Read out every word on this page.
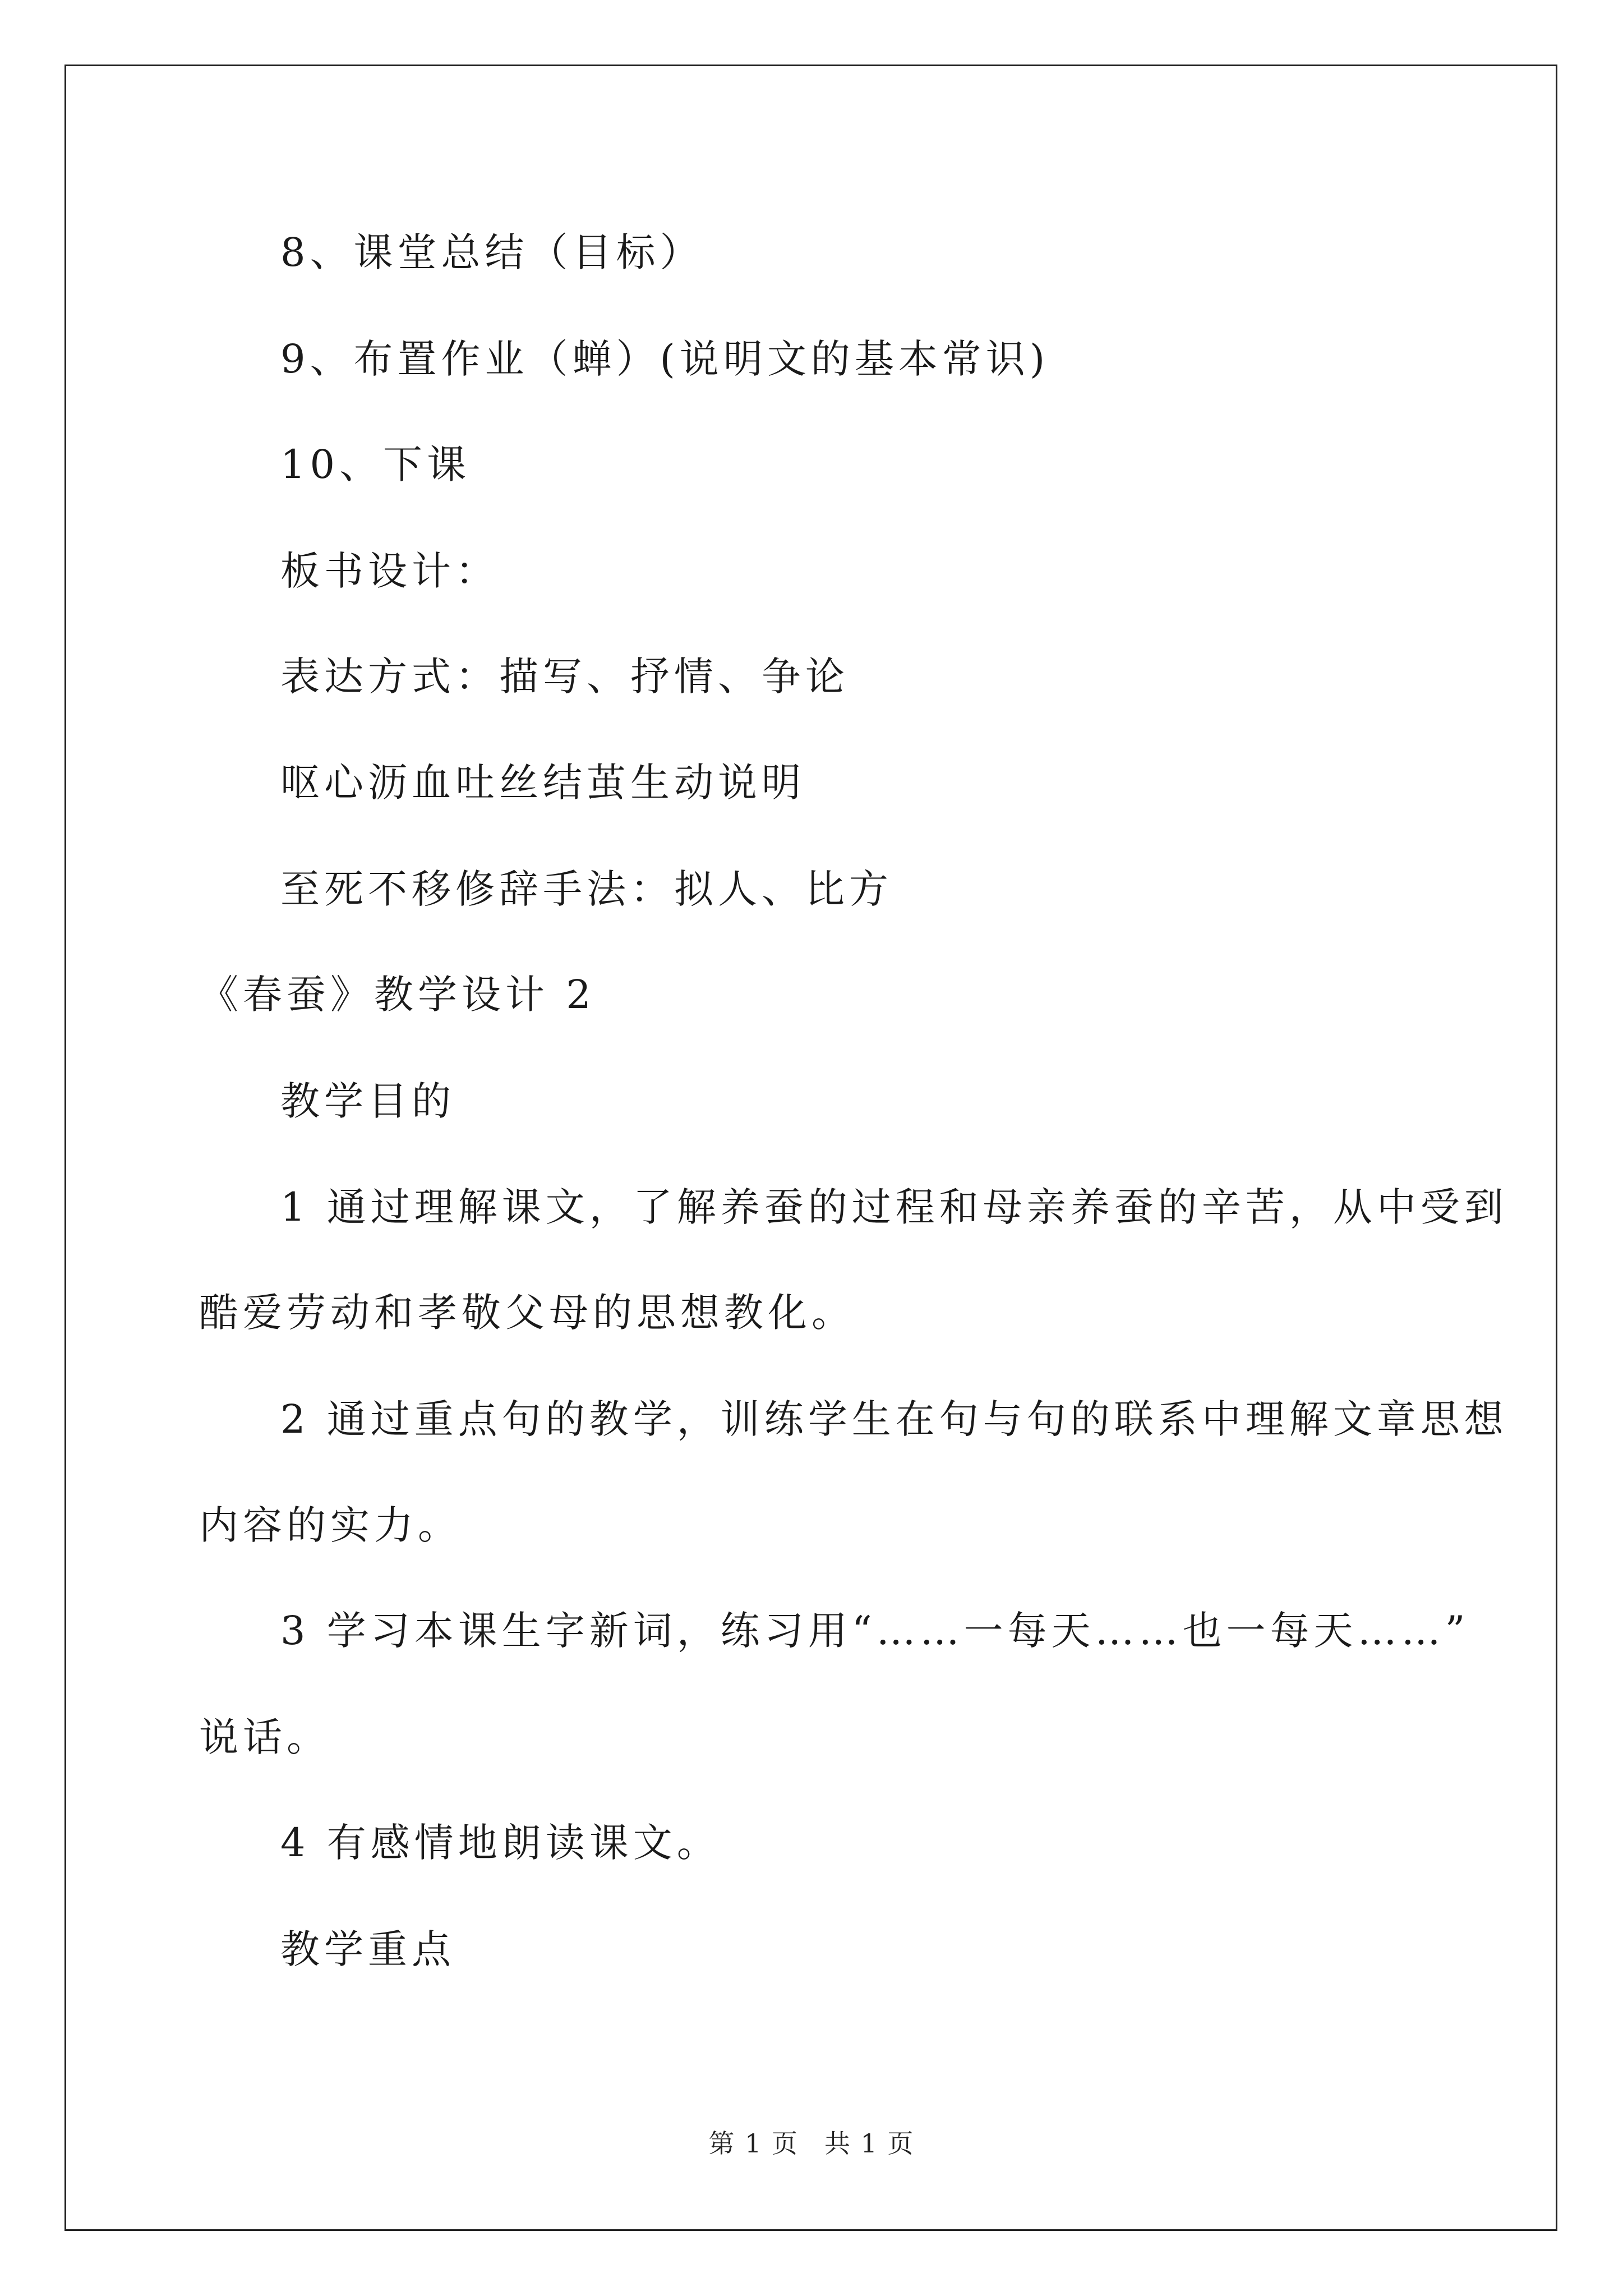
8、课堂总结（目标）
9、布置作业（蝉）(说明文的基本常识)
10、下课
板书设计：
表达方式：描写、抒情、争论
呕心沥血吐丝结茧生动说明
至死不移修辞手法：拟人、比方
《春蚕》教学设计 2
教学目的
1 通过理解课文，了解养蚕的过程和母亲养蚕的辛苦，从中受到
酷爱劳动和孝敬父母的思想教化。
2 通过重点句的教学，训练学生在句与句的联系中理解文章思想
内容的实力。
3 学习本课生字新词，练习用“……一每天……也一每天……”
说话。
4 有感情地朗读课文。
教学重点
第 1 页 共 1 页
